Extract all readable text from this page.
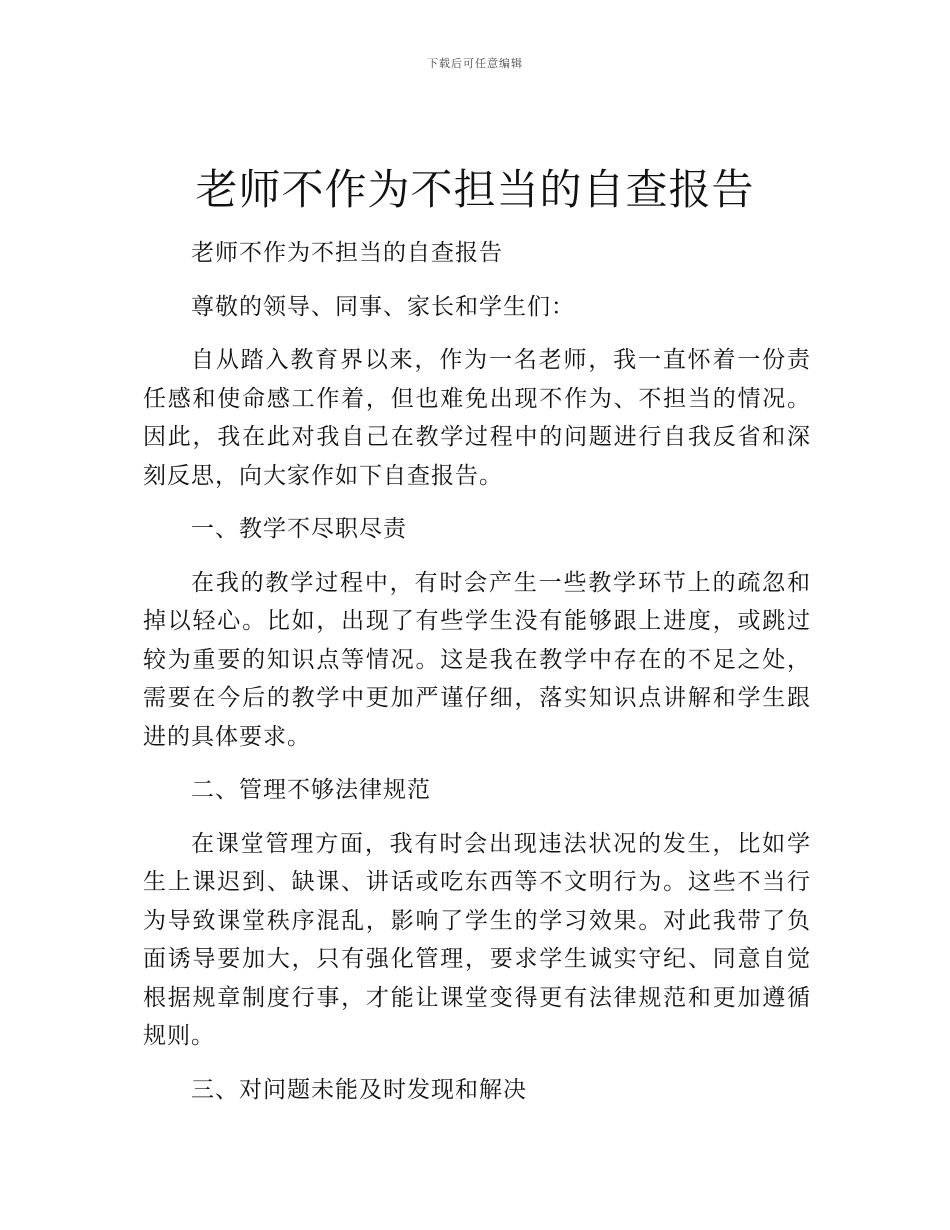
下载后可任意编辑
老师不作为不担当的自查报告

老师不作为不担当的自查报告

尊敬的领导、同事、家长和学生们：

自从踏入教育界以来，作为一名老师，我一直怀着一份责任感和使命感工作着，但也难免出现不作为、不担当的情况。因此，我在此对我自己在教学过程中的问题进行自我反省和深刻反思，向大家作如下自查报告。

一、教学不尽职尽责

在我的教学过程中，有时会产生一些教学环节上的疏忽和掉以轻心。比如，出现了有些学生没有能够跟上进度，或跳过较为重要的知识点等情况。这是我在教学中存在的不足之处，需要在今后的教学中更加严谨仔细，落实知识点讲解和学生跟进的具体要求。

二、管理不够法律规范

在课堂管理方面，我有时会出现违法状况的发生，比如学生上课迟到、缺课、讲话或吃东西等不文明行为。这些不当行为导致课堂秩序混乱，影响了学生的学习效果。对此我带了负面诱导要加大，只有强化管理，要求学生诚实守纪、同意自觉根据规章制度行事，才能让课堂变得更有法律规范和更加遵循规则。

三、对问题未能及时发现和解决
